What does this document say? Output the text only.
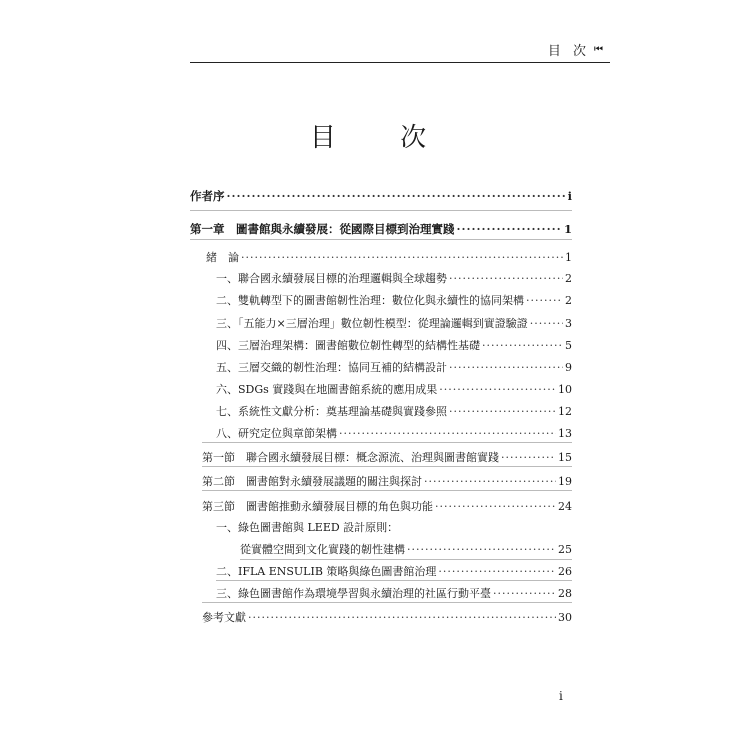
目 次 ⏮
目 次
作者序 ·····	i
第一章　圖書館與永續發展：從國際目標到治理實踐 ·····	1
緒　論 ·····	1
一、聯合國永續發展目標的治理邏輯與全球趨勢 ·····	2
二、雙軌轉型下的圖書館韌性治理：數位化與永續性的協同架構 ·····	2
三、「五能力×三層治理」數位韌性模型：從理論邏輯到實證驗證 ·····	3
四、三層治理架構：圖書館數位韌性轉型的結構性基礎 ·····	5
五、三層交織的韌性治理：協同互補的結構設計 ·····	9
六、SDGs 實踐與在地圖書館系統的應用成果 ·····	10
七、系統性文獻分析：奠基理論基礎與實踐參照 ·····	12
八、研究定位與章節架構 ·····	13
第一節　聯合國永續發展目標：概念源流、治理與圖書館實踐 ·····	15
第二節　圖書館對永續發展議題的關注與探討 ·····	19
第三節　圖書館推動永續發展目標的角色與功能 ·····	24
一、綠色圖書館與 LEED 設計原則：
從實體空間到文化實踐的韌性建構 ·····	25
二、IFLA ENSULIB 策略與綠色圖書館治理 ·····	26
三、綠色圖書館作為環境學習與永續治理的社區行動平臺 ·····	28
參考文獻 ·····	30
i
